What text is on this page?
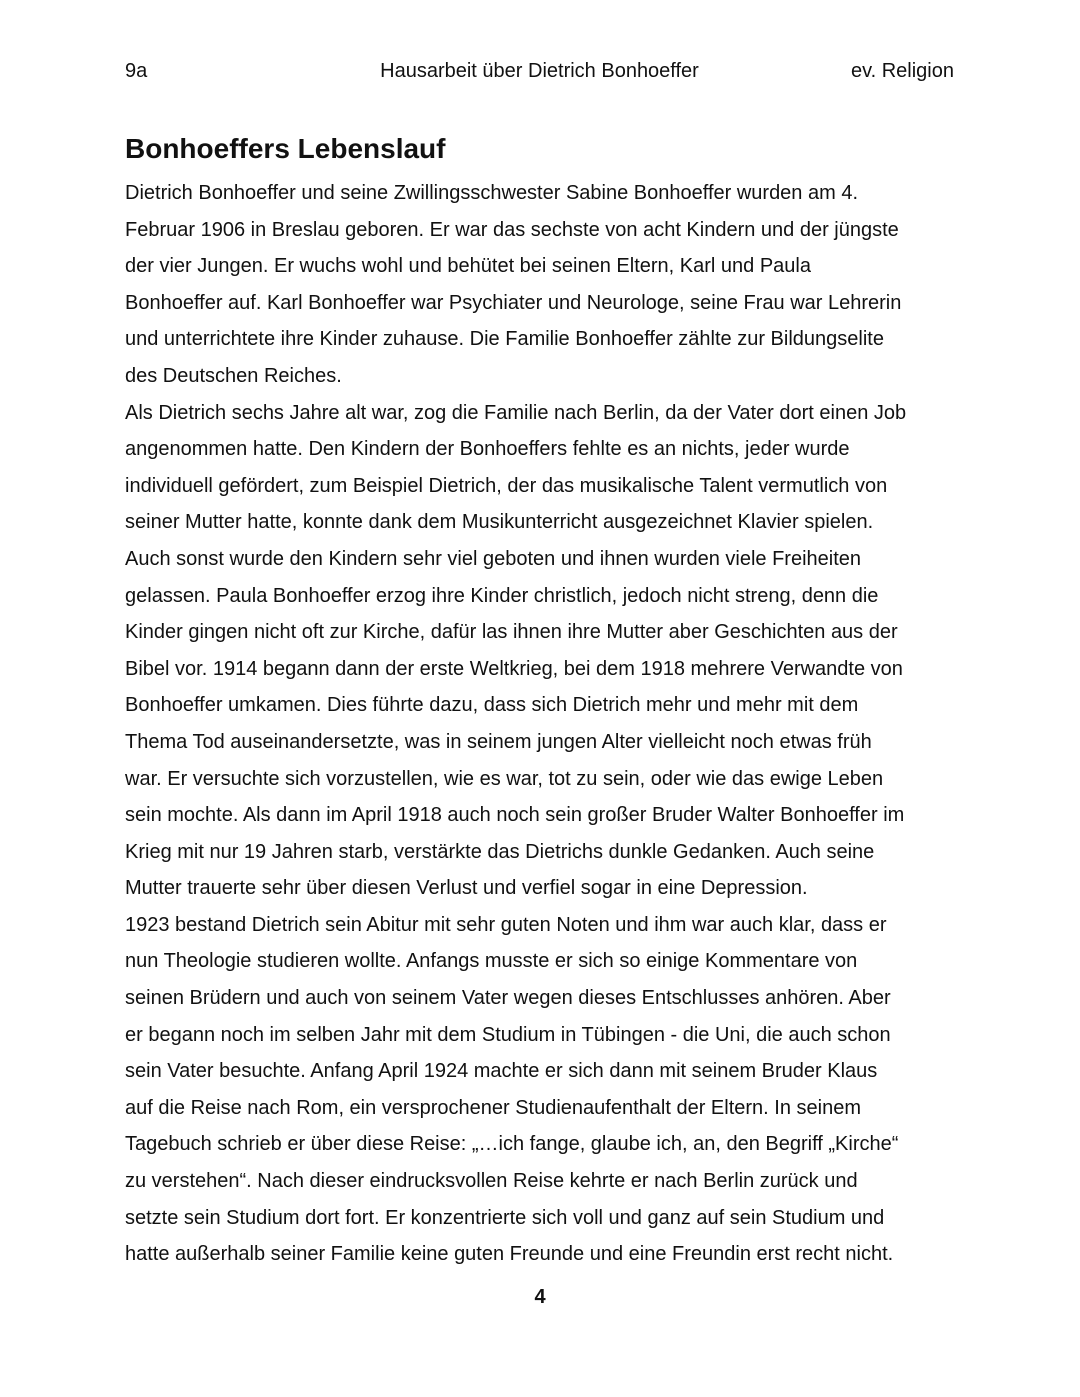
9a	Hausarbeit über Dietrich Bonhoeffer	ev. Religion
Bonhoeffers Lebenslauf
Dietrich Bonhoeffer und seine Zwillingsschwester Sabine Bonhoeffer wurden am 4.
Februar 1906 in Breslau geboren. Er war das sechste von acht Kindern und der jüngste
der vier Jungen. Er wuchs wohl und behütet bei seinen Eltern, Karl und Paula
Bonhoeffer auf. Karl Bonhoeffer war Psychiater und Neurologe, seine Frau war Lehrerin
und unterrichtete ihre Kinder zuhause. Die Familie Bonhoeffer zählte zur Bildungselite
des Deutschen Reiches.
Als Dietrich sechs Jahre alt war, zog die Familie nach Berlin, da der Vater dort einen Job
angenommen hatte. Den Kindern der Bonhoeffers fehlte es an nichts, jeder wurde
individuell gefördert, zum Beispiel Dietrich, der das musikalische Talent vermutlich von
seiner Mutter hatte, konnte dank dem Musikunterricht ausgezeichnet Klavier spielen.
Auch sonst wurde den Kindern sehr viel geboten und ihnen wurden viele Freiheiten
gelassen. Paula Bonhoeffer erzog ihre Kinder christlich, jedoch nicht streng, denn die
Kinder gingen nicht oft zur Kirche, dafür las ihnen ihre Mutter aber Geschichten aus der
Bibel vor. 1914 begann dann der erste Weltkrieg, bei dem 1918 mehrere Verwandte von
Bonhoeffer umkamen. Dies führte dazu, dass sich Dietrich mehr und mehr mit dem
Thema Tod auseinandersetzte, was in seinem jungen Alter vielleicht noch etwas früh
war. Er versuchte sich vorzustellen, wie es war, tot zu sein, oder wie das ewige Leben
sein mochte. Als dann im April 1918 auch noch sein großer Bruder Walter Bonhoeffer im
Krieg mit nur 19 Jahren starb, verstärkte das Dietrichs dunkle Gedanken. Auch seine
Mutter trauerte sehr über diesen Verlust und verfiel sogar in eine Depression.
1923 bestand Dietrich sein Abitur mit sehr guten Noten und ihm war auch klar, dass er
nun Theologie studieren wollte. Anfangs musste er sich so einige Kommentare von
seinen Brüdern und auch von seinem Vater wegen dieses Entschlusses anhören. Aber
er begann noch im selben Jahr mit dem Studium in Tübingen - die Uni, die auch schon
sein Vater besuchte. Anfang April 1924 machte er sich dann mit seinem Bruder Klaus
auf die Reise nach Rom, ein versprochener Studienaufenthalt der Eltern. In seinem
Tagebuch schrieb er über diese Reise: „…ich fange, glaube ich, an, den Begriff „Kirche“
zu verstehen“. Nach dieser eindrucksvollen Reise kehrte er nach Berlin zurück und
setzte sein Studium dort fort. Er konzentrierte sich voll und ganz auf sein Studium und
hatte außerhalb seiner Familie keine guten Freunde und eine Freundin erst recht nicht.
4
